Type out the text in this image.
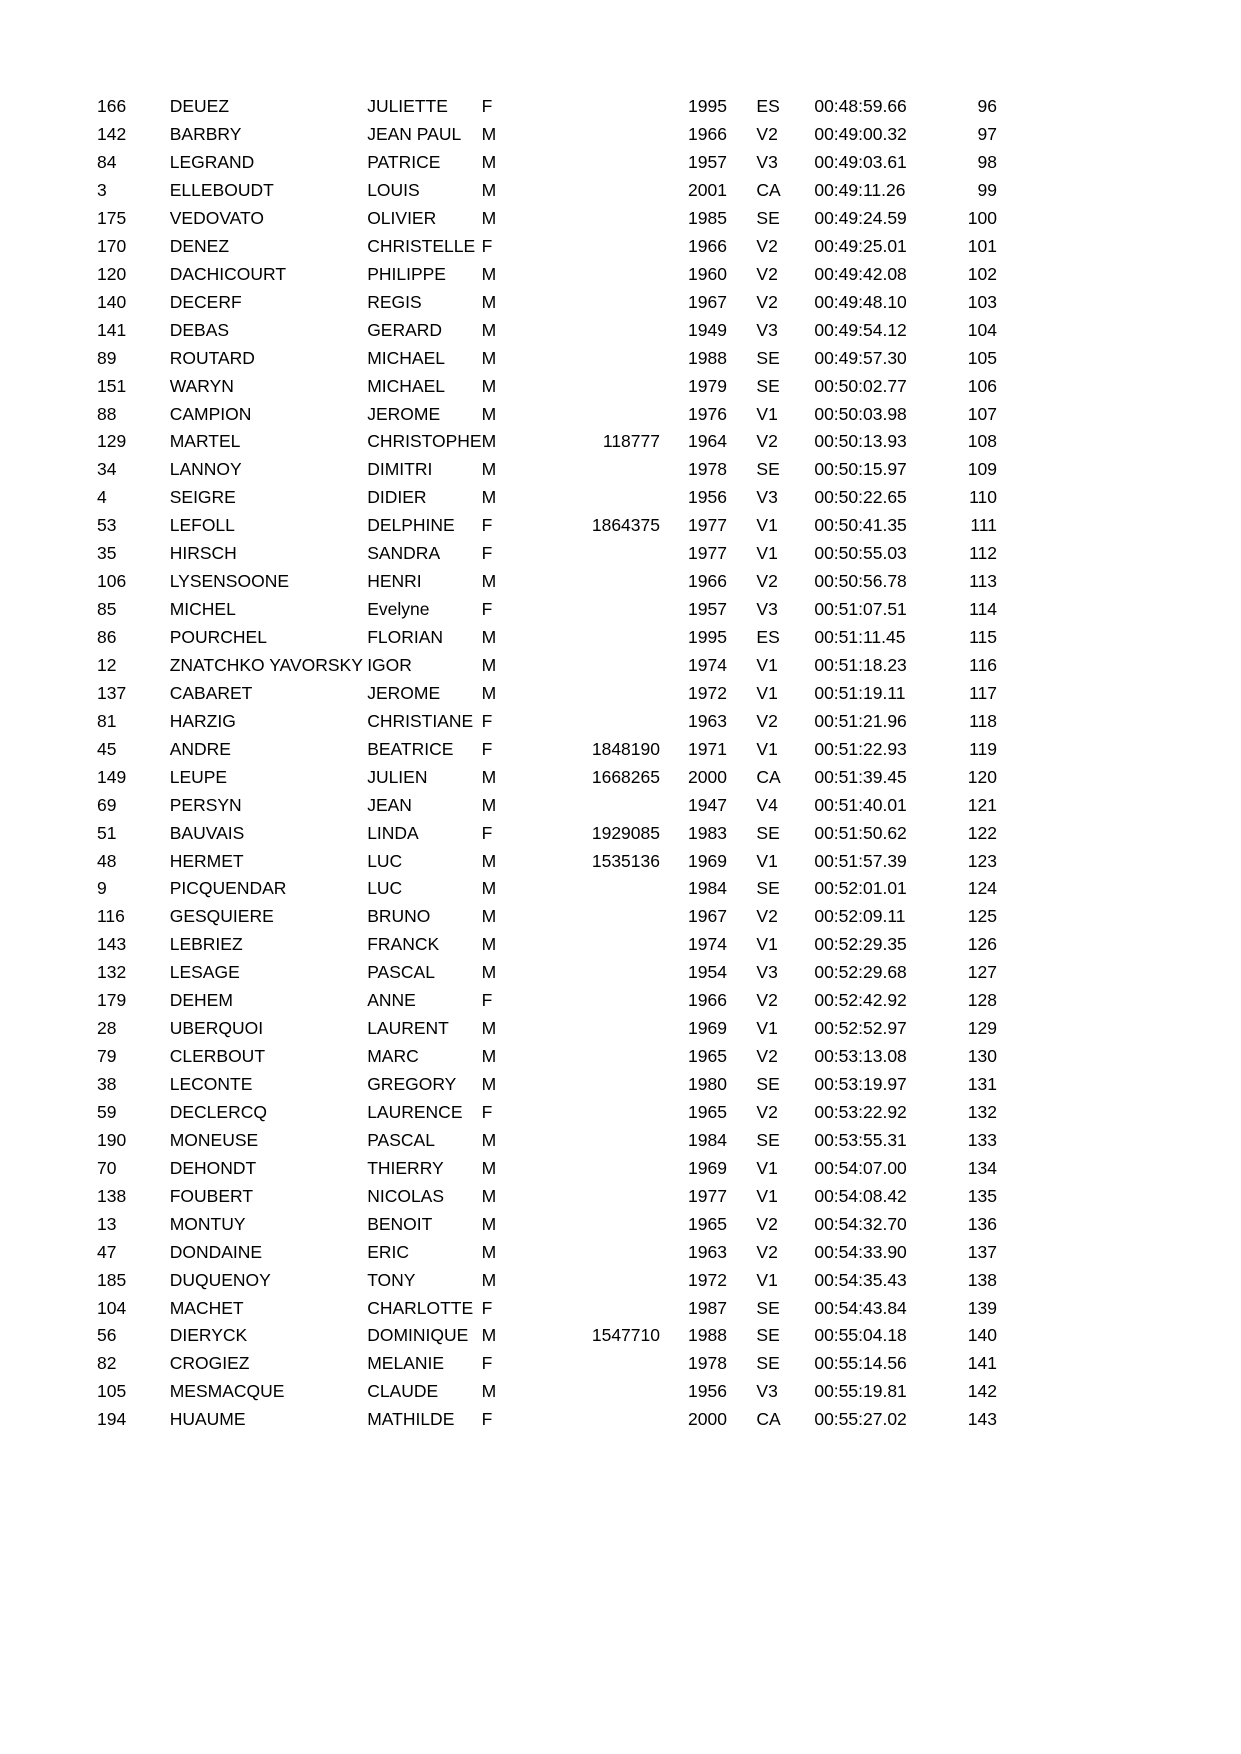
166	DEUEZ	JULIETTE	F		1995	ES	00:48:59.66	96
142	BARBRY	JEAN PAUL	M		1966	V2	00:49:00.32	97
84	LEGRAND	PATRICE	M		1957	V3	00:49:03.61	98
3	ELLEBOUDT	LOUIS	M		2001	CA	00:49:11.26	99
175	VEDOVATO	OLIVIER	M		1985	SE	00:49:24.59	100
170	DENEZ	CHRISTELLE	F		1966	V2	00:49:25.01	101
120	DACHICOURT	PHILIPPE	M		1960	V2	00:49:42.08	102
140	DECERF	REGIS	M		1967	V2	00:49:48.10	103
141	DEBAS	GERARD	M		1949	V3	00:49:54.12	104
89	ROUTARD	MICHAEL	M		1988	SE	00:49:57.30	105
151	WARYN	MICHAEL	M		1979	SE	00:50:02.77	106
88	CAMPION	JEROME	M		1976	V1	00:50:03.98	107
129	MARTEL	CHRISTOPHE	M	118777	1964	V2	00:50:13.93	108
34	LANNOY	DIMITRI	M		1978	SE	00:50:15.97	109
4	SEIGRE	DIDIER	M		1956	V3	00:50:22.65	110
53	LEFOLL	DELPHINE	F	1864375	1977	V1	00:50:41.35	111
35	HIRSCH	SANDRA	F		1977	V1	00:50:55.03	112
106	LYSENSOONE	HENRI	M		1966	V2	00:50:56.78	113
85	MICHEL	Evelyne	F		1957	V3	00:51:07.51	114
86	POURCHEL	FLORIAN	M		1995	ES	00:51:11.45	115
12	ZNATCHKO YAVORSKY	IGOR	M		1974	V1	00:51:18.23	116
137	CABARET	JEROME	M		1972	V1	00:51:19.11	117
81	HARZIG	CHRISTIANE	F		1963	V2	00:51:21.96	118
45	ANDRE	BEATRICE	F	1848190	1971	V1	00:51:22.93	119
149	LEUPE	JULIEN	M	1668265	2000	CA	00:51:39.45	120
69	PERSYN	JEAN	M		1947	V4	00:51:40.01	121
51	BAUVAIS	LINDA	F	1929085	1983	SE	00:51:50.62	122
48	HERMET	LUC	M	1535136	1969	V1	00:51:57.39	123
9	PICQUENDAR	LUC	M		1984	SE	00:52:01.01	124
116	GESQUIERE	BRUNO	M		1967	V2	00:52:09.11	125
143	LEBRIEZ	FRANCK	M		1974	V1	00:52:29.35	126
132	LESAGE	PASCAL	M		1954	V3	00:52:29.68	127
179	DEHEM	ANNE	F		1966	V2	00:52:42.92	128
28	UBERQUOI	LAURENT	M		1969	V1	00:52:52.97	129
79	CLERBOUT	MARC	M		1965	V2	00:53:13.08	130
38	LECONTE	GREGORY	M		1980	SE	00:53:19.97	131
59	DECLERCQ	LAURENCE	F		1965	V2	00:53:22.92	132
190	MONEUSE	PASCAL	M		1984	SE	00:53:55.31	133
70	DEHONDT	THIERRY	M		1969	V1	00:54:07.00	134
138	FOUBERT	NICOLAS	M		1977	V1	00:54:08.42	135
13	MONTUY	BENOIT	M		1965	V2	00:54:32.70	136
47	DONDAINE	ERIC	M		1963	V2	00:54:33.90	137
185	DUQUENOY	TONY	M		1972	V1	00:54:35.43	138
104	MACHET	CHARLOTTE	F		1987	SE	00:54:43.84	139
56	DIERYCK	DOMINIQUE	M	1547710	1988	SE	00:55:04.18	140
82	CROGIEZ	MELANIE	F		1978	SE	00:55:14.56	141
105	MESMACQUE	CLAUDE	M		1956	V3	00:55:19.81	142
194	HUAUME	MATHILDE	F		2000	CA	00:55:27.02	143
